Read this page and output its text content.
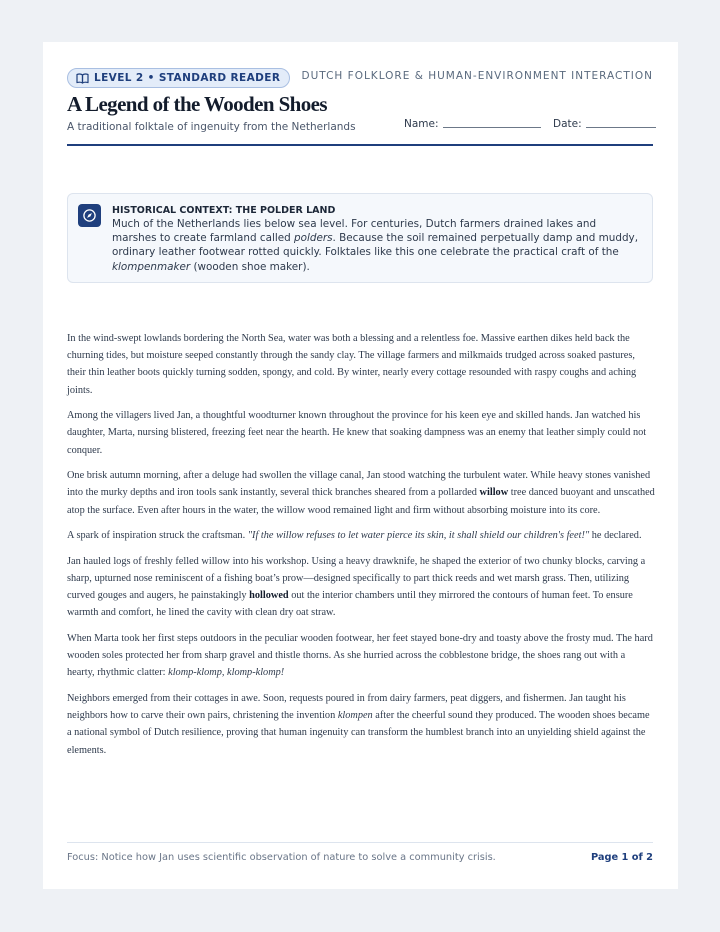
LEVEL 2 • STANDARD READER DUTCH FOLKLORE & HUMAN-ENVIRONMENT INTERACTION
A Legend of the Wooden Shoes
A traditional folktale of ingenuity from the Netherlands	Name:	Date:
HISTORICAL CONTEXT: THE POLDER LAND
Much of the Netherlands lies below sea level. For centuries, Dutch farmers drained lakes and marshes to create farmland called polders. Because the soil remained perpetually damp and muddy, ordinary leather footwear rotted quickly. Folktales like this one celebrate the practical craft of the klompenmaker (wooden shoe maker).

In the wind-swept lowlands bordering the North Sea, water was both a blessing and a relentless foe. Massive earthen dikes held back the churning tides, but moisture seeped constantly through the sandy clay. The village farmers and milkmaids trudged across soaked pastures, their thin leather boots quickly turning sodden, spongy, and cold. By winter, nearly every cottage resounded with raspy coughs and aching joints.

Among the villagers lived Jan, a thoughtful woodturner known throughout the province for his keen eye and skilled hands. Jan watched his daughter, Marta, nursing blistered, freezing feet near the hearth. He knew that soaking dampness was an enemy that leather simply could not conquer.

One brisk autumn morning, after a deluge had swollen the village canal, Jan stood watching the turbulent water. While heavy stones vanished into the murky depths and iron tools sank instantly, several thick branches sheared from a pollarded willow tree danced buoyant and unscathed atop the surface. Even after hours in the water, the willow wood remained light and firm without absorbing moisture into its core.

A spark of inspiration struck the craftsman. "If the willow refuses to let water pierce its skin, it shall shield our children's feet!" he declared.

Jan hauled logs of freshly felled willow into his workshop. Using a heavy drawknife, he shaped the exterior of two chunky blocks, carving a sharp, upturned nose reminiscent of a fishing boat’s prow—designed specifically to part thick reeds and wet marsh grass. Then, utilizing curved gouges and augers, he painstakingly hollowed out the interior chambers until they mirrored the contours of human feet. To ensure warmth and comfort, he lined the cavity with clean dry oat straw.

When Marta took her first steps outdoors in the peculiar wooden footwear, her feet stayed bone-dry and toasty above the frosty mud. The hard wooden soles protected her from sharp gravel and thistle thorns. As she hurried across the cobblestone bridge, the shoes rang out with a hearty, rhythmic clatter: klomp-klomp, klomp-klomp!

Neighbors emerged from their cottages in awe. Soon, requests poured in from dairy farmers, peat diggers, and fishermen. Jan taught his neighbors how to carve their own pairs, christening the invention klompen after the cheerful sound they produced. The wooden shoes became a national symbol of Dutch resilience, proving that human ingenuity can transform the humblest branch into an unyielding shield against the elements.

Focus: Notice how Jan uses scientific observation of nature to solve a community crisis.	Page 1 of 2
